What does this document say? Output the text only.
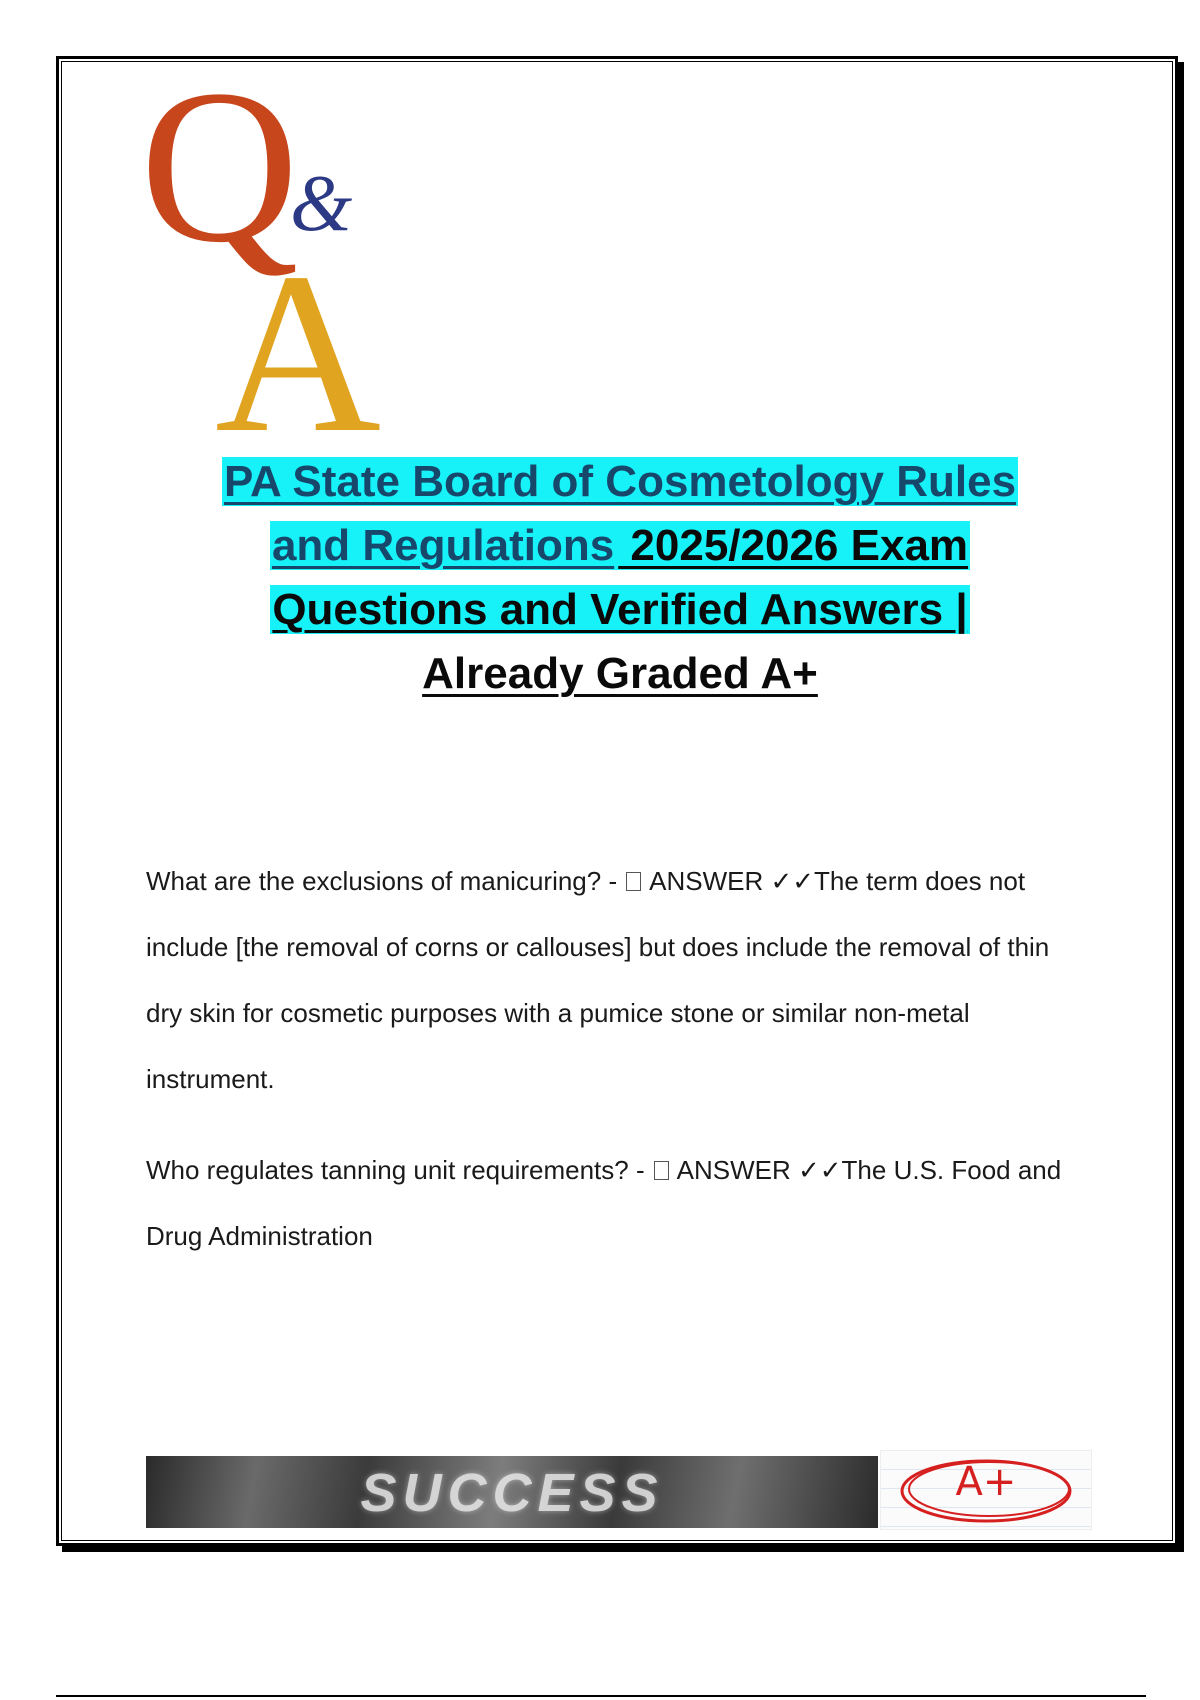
Q
&
A
PA State Board of Cosmetology Rules
and Regulations 2025/2026 Exam
Questions and Verified Answers |
Already Graded A+
What are the exclusions of manicuring? -  ANSWER ✓✓The term does not include [the removal of corns or callouses] but does include the removal of thin dry skin for cosmetic purposes with a pumice stone or similar non-metal instrument.
Who regulates tanning unit requirements? -  ANSWER ✓✓The U.S. Food and Drug Administration
SUCCESS	A+
